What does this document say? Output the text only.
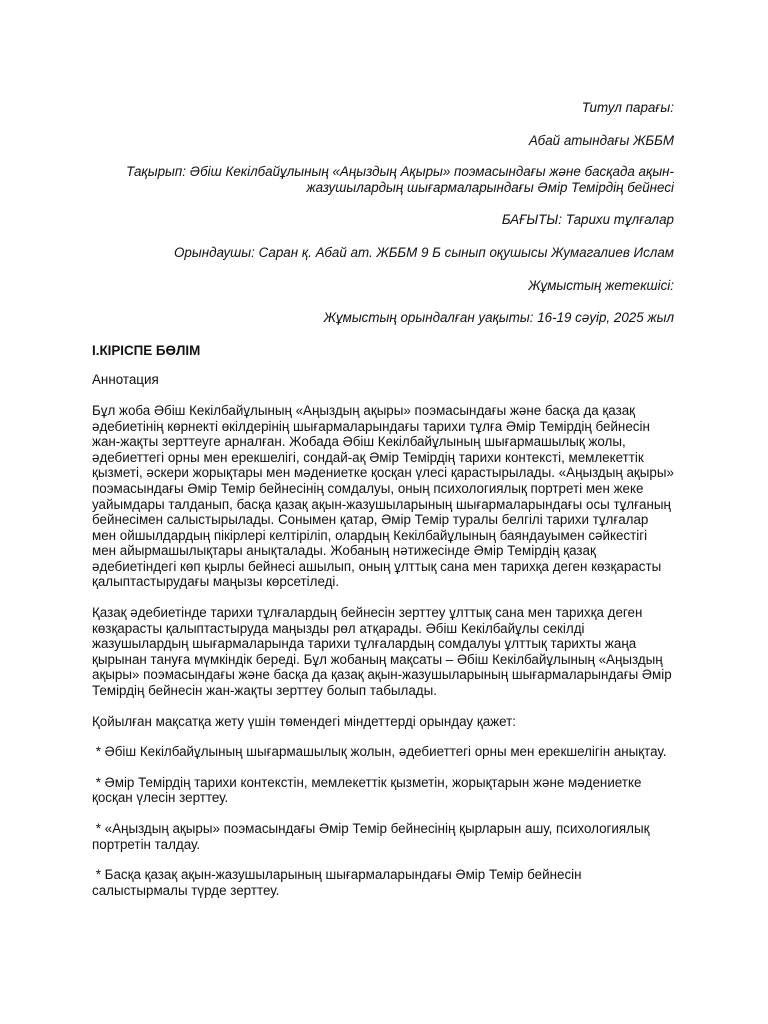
Титул парағы:

Абай атындағы ЖББМ

Тақырып: Әбіш Кекілбайұлының «Аңыздың Ақыры» поэмасындағы және басқада ақын-жазушылардың шығармаларындағы Әмір Темірдің бейнесі

БАҒЫТЫ: Тарихи тұлғалар

Орындаушы: Саран қ. Абай ат. ЖББМ 9 Б сынып оқушысы Жумагалиев Ислам

Жұмыстың жетекшісі:

Жұмыстың орындалған уақыты: 16-19 сәуір, 2025 жыл

I.КІРІСПЕ БӨЛІМ

Аннотация

Бұл жоба Әбіш Кекілбайұлының «Аңыздың ақыры» поэмасындағы және басқа да қазақ әдебиетінің көрнекті өкілдерінің шығармаларындағы тарихи тұлға Әмір Темірдің бейнесін жан-жақты зерттеуге арналған. Жобада Әбіш Кекілбайұлының шығармашылық жолы, әдебиеттегі орны мен ерекшелігі, сондай-ақ Әмір Темірдің тарихи контексті, мемлекеттік қызметі, әскери жорықтары мен мәдениетке қосқан үлесі қарастырылады. «Аңыздың ақыры» поэмасындағы Әмір Темір бейнесінің сомдалуы, оның психологиялық портреті мен жеке уайымдары талданып, басқа қазақ ақын-жазушыларының шығармаларындағы осы тұлғаның бейнесімен салыстырылады. Сонымен қатар, Әмір Темір туралы белгілі тарихи тұлғалар мен ойшылдардың пікірлері келтіріліп, олардың Кекілбайұлының баяндауымен сәйкестігі мен айырмашылықтары анықталады. Жобаның нәтижесінде Әмір Темірдің қазақ әдебиетіндегі көп қырлы бейнесі ашылып, оның ұлттық сана мен тарихқа деген көзқарасты қалыптастырудағы маңызы көрсетіледі.

Қазақ әдебиетінде тарихи тұлғалардың бейнесін зерттеу ұлттық сана мен тарихқа деген көзқарасты қалыптастыруда маңызды рөл атқарады. Әбіш Кекілбайұлы секілді жазушылардың шығармаларында тарихи тұлғалардың сомдалуы ұлттық тарихты жаңа қырынан тануға мүмкіндік береді. Бұл жобаның мақсаты – Әбіш Кекілбайұлының «Аңыздың ақыры» поэмасындағы және басқа да қазақ ақын-жазушыларының шығармаларындағы Әмір Темірдің бейнесін жан-жақты зерттеу болып табылады.

Қойылған мақсатқа жету үшін төмендегі міндеттерді орындау қажет:

* Әбіш Кекілбайұлының шығармашылық жолын, әдебиеттегі орны мен ерекшелігін анықтау.

* Әмір Темірдің тарихи контекстін, мемлекеттік қызметін, жорықтарын және мәдениетке қосқан үлесін зерттеу.

* «Аңыздың ақыры» поэмасындағы Әмір Темір бейнесінің қырларын ашу, психологиялық портретін талдау.

* Басқа қазақ ақын-жазушыларының шығармаларындағы Әмір Темір бейнесін салыстырмалы түрде зерттеу.
